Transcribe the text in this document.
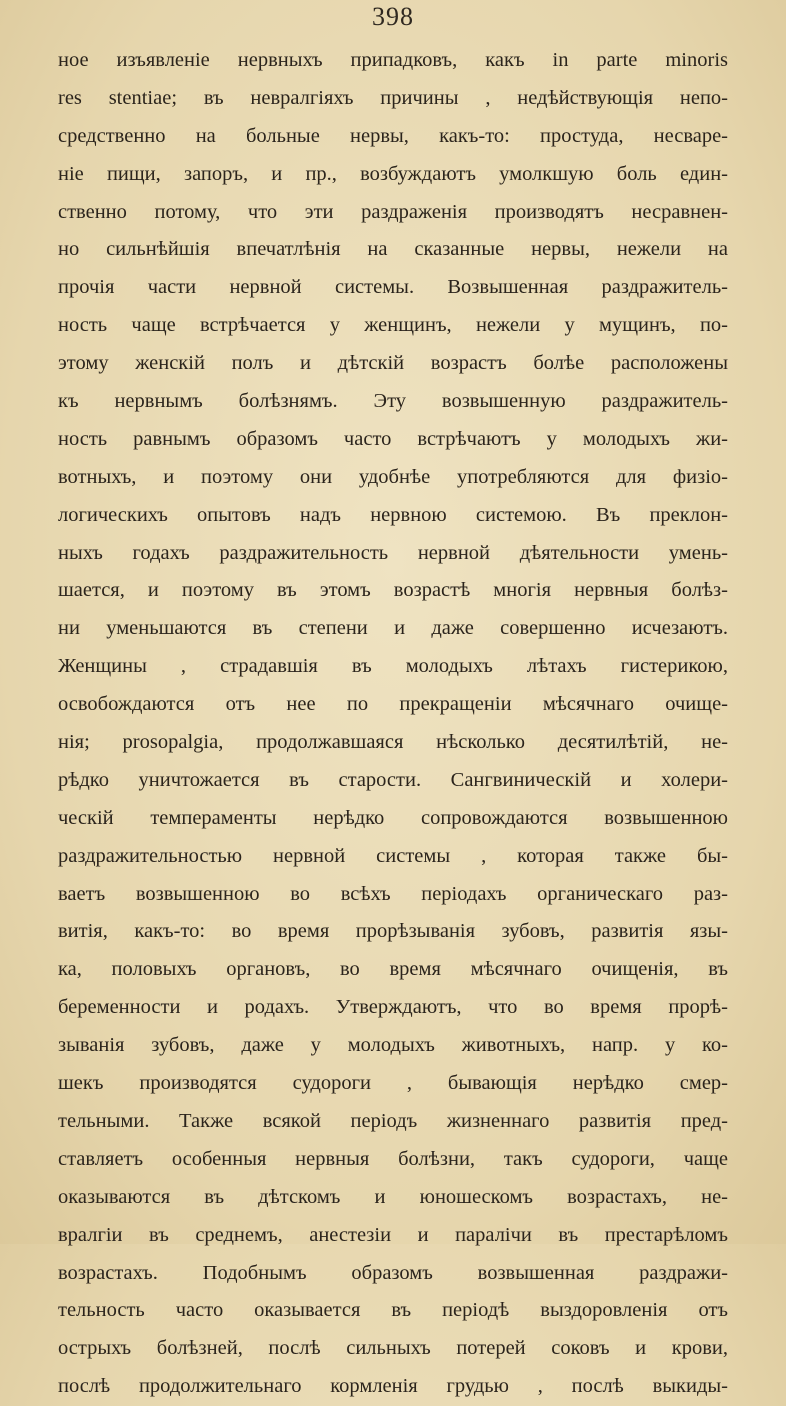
398
ное изъявленіе нервныхъ припадковъ, какъ in parte minoris
res stentiae; въ невралгіяхъ причины , недѣйствующія непо-
средственно на больные нервы, какъ-то: простуда, несваре-
ніе пищи, запоръ, и пр., возбуждаютъ умолкшую боль един-
ственно потому, что эти раздраженія производятъ несравнен-
но сильнѣйшія впечатлѣнія на сказанные нервы, нежели на
прочія части нервной системы. Возвышенная раздражитель-
ность чаще встрѣчается у женщинъ, нежели у мущинъ, по-
этому женскій полъ и дѣтскій возрастъ болѣе расположены
къ нервнымъ болѣзнямъ. Эту возвышенную раздражитель-
ность равнымъ образомъ часто встрѣчаютъ у молодыхъ жи-
вотныхъ, и поэтому они удобнѣе употребляются для физіо-
логическихъ опытовъ надъ нервною системою. Въ преклон-
ныхъ годахъ раздражительность нервной дѣятельности умень-
шается, и поэтому въ этомъ возрастѣ многія нервныя болѣз-
ни уменьшаются въ степени и даже совершенно исчезаютъ.
Женщины , страдавшія въ молодыхъ лѣтахъ гистерикою,
освобождаются отъ нее по прекращеніи мѣсячнаго очище-
нія; prosopalgia, продолжавшаяся нѣсколько десятилѣтій, не-
рѣдко уничтожается въ старости. Сангвиническій и холери-
ческій темпераменты нерѣдко сопровождаются возвышенною
раздражительностью нервной системы , которая также бы-
ваетъ возвышенною во всѣхъ періодахъ органическаго раз-
витія, какъ-то: во время прорѣзыванія зубовъ, развитія язы-
ка, половыхъ органовъ, во время мѣсячнаго очищенія, въ
беременности и родахъ. Утверждаютъ, что во время прорѣ-
зыванія зубовъ, даже у молодыхъ животныхъ, напр. у ко-
шекъ производятся судороги , бывающія нерѣдко смер-
тельными. Также всякой періодъ жизненнаго развитія пред-
ставляетъ особенныя нервныя болѣзни, такъ судороги, чаще
оказываются въ дѣтскомъ и юношескомъ возрастахъ, не-
вралгіи въ среднемъ, анестезіи и паралічи въ престарѣломъ
возрастахъ. Подобнымъ образомъ возвышенная раздражи-
тельность часто оказывается въ періодѣ выздоровленія отъ
острыхъ болѣзней, послѣ сильныхъ потерей соковъ и крови,
послѣ продолжительнаго кормленія грудью , послѣ выкиды-
